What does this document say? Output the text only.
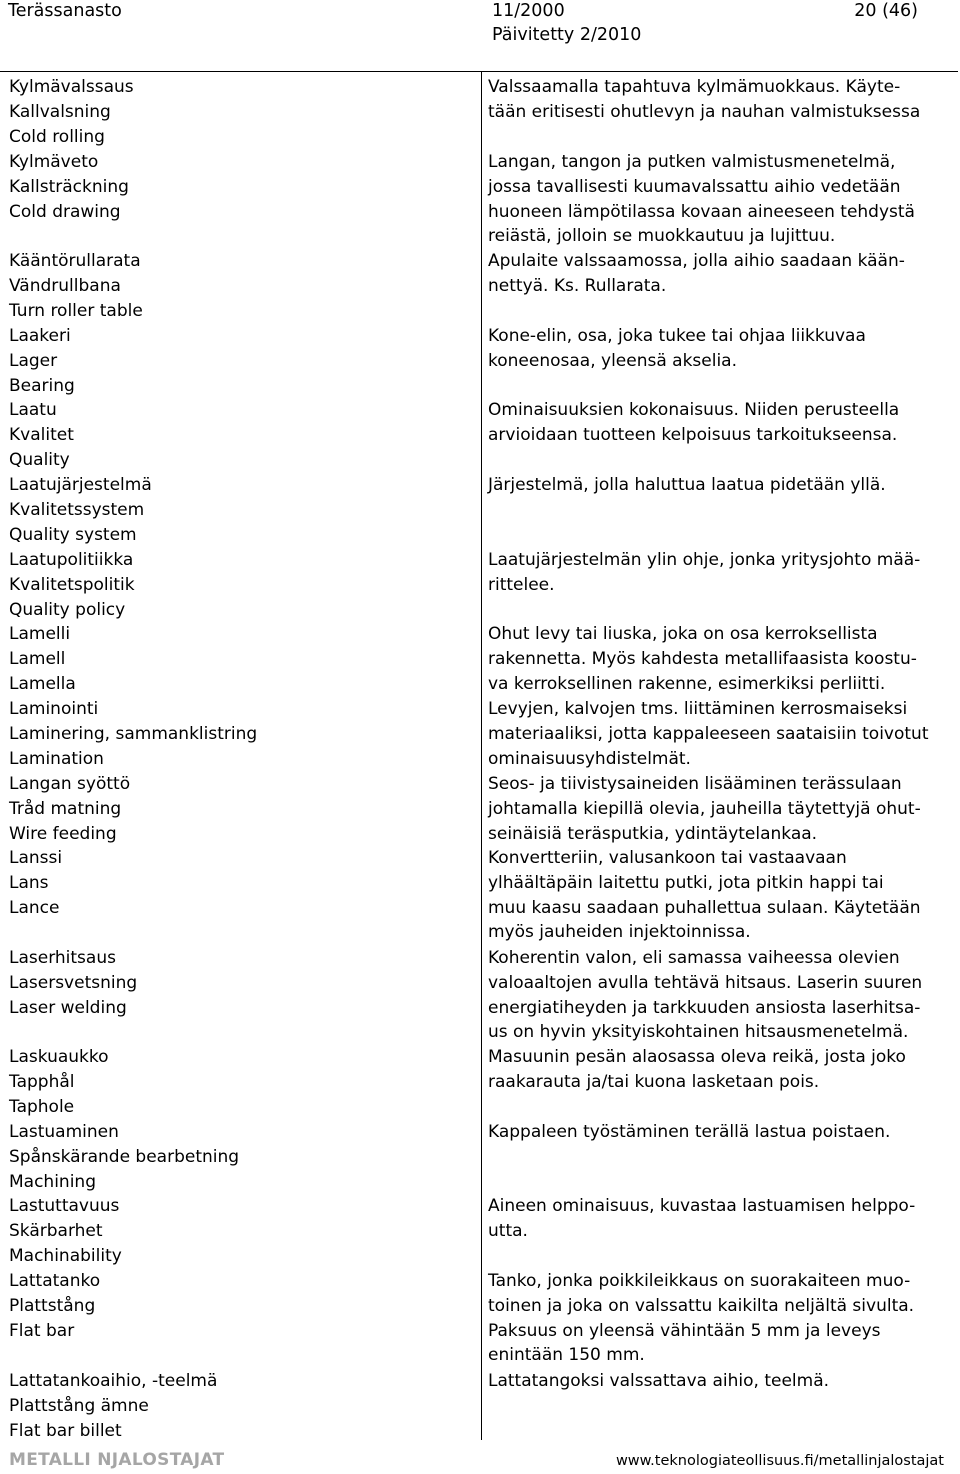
Terässanasto	11/2000
Päivitetty 2/2010
20 (46)
Kylmävalssaus
Kallvalsning
Cold rolling
Valssaamalla tapahtuva kylmämuokkaus. Käyte-
tään eritisesti ohutlevyn ja nauhan valmistuksessa
Kylmäveto
Kallsträckning
Cold drawing
Langan, tangon ja putken valmistusmenetelmä,
jossa tavallisesti kuumavalssattu aihio vedetään
huoneen lämpötilassa kovaan aineeseen tehdystä
reiästä, jolloin se muokkautuu ja lujittuu.
Kääntörullarata
Vändrullbana
Turn roller table
Apulaite valssaamossa, jolla aihio saadaan kään-
nettyä. Ks. Rullarata.
Laakeri
Lager
Bearing
Kone-elin, osa, joka tukee tai ohjaa liikkuvaa
koneenosaa, yleensä akselia.
Laatu
Kvalitet
Quality
Ominaisuuksien kokonaisuus. Niiden perusteella
arvioidaan tuotteen kelpoisuus tarkoitukseensa.
Laatujärjestelmä
Kvalitetssystem
Quality system
Järjestelmä, jolla haluttua laatua pidetään yllä.
Laatupolitiikka
Kvalitetspolitik
Quality policy
Laatujärjestelmän ylin ohje, jonka yritysjohto mää-
rittelee.
Lamelli
Lamell
Lamella
Ohut levy tai liuska, joka on osa kerroksellista
rakennetta. Myös kahdesta metallifaasista koostu-
va kerroksellinen rakenne, esimerkiksi perliitti.
Laminointi
Laminering, sammanklistring
Lamination
Levyjen, kalvojen tms. liittäminen kerrosmaiseksi
materiaaliksi, jotta kappaleeseen saataisiin toivotut
ominaisuusyhdistelmät.
Langan syöttö
Tråd matning
Wire feeding
Seos- ja tiivistysaineiden lisääminen terässulaan
johtamalla kiepillä olevia, jauheilla täytettyjä ohut-
seinäisiä teräsputkia, ydintäytelankaa.
Lanssi
Lans
Lance
Konvertteriin, valusankoon tai vastaavaan
ylhäältäpäin laitettu putki, jota pitkin happi tai
muu kaasu saadaan puhallettua sulaan. Käytetään
myös jauheiden injektoinnissa.
Laserhitsaus
Lasersvetsning
Laser welding
Koherentin valon, eli samassa vaiheessa olevien
valoaaltojen avulla tehtävä hitsaus. Laserin suuren
energiatiheyden ja tarkkuuden ansiosta laserhitsa-
us on hyvin yksityiskohtainen hitsausmenetelmä.
Laskuaukko
Tapphål
Taphole
Masuunin pesän alaosassa oleva reikä, josta joko
raakarauta ja/tai kuona lasketaan pois.
Lastuaminen
Spånskärande bearbetning
Machining
Kappaleen työstäminen terällä lastua poistaen.
Lastuttavuus
Skärbarhet
Machinability
Aineen ominaisuus, kuvastaa lastuamisen helppo-
utta.
Lattatanko
Plattstång
Flat bar
Tanko, jonka poikkileikkaus on suorakaiteen muo-
toinen ja joka on valssattu kaikilta neljältä sivulta.
Paksuus on yleensä vähintään 5 mm ja leveys
enintään 150 mm.
Lattatankoaihio, -teelmä
Plattstång ämne
Flat bar billet
Lattatangoksi valssattava aihio, teelmä.
METALLI NJALOSTAJAT	www.teknologiateollisuus.fi/metallinjalostajat
